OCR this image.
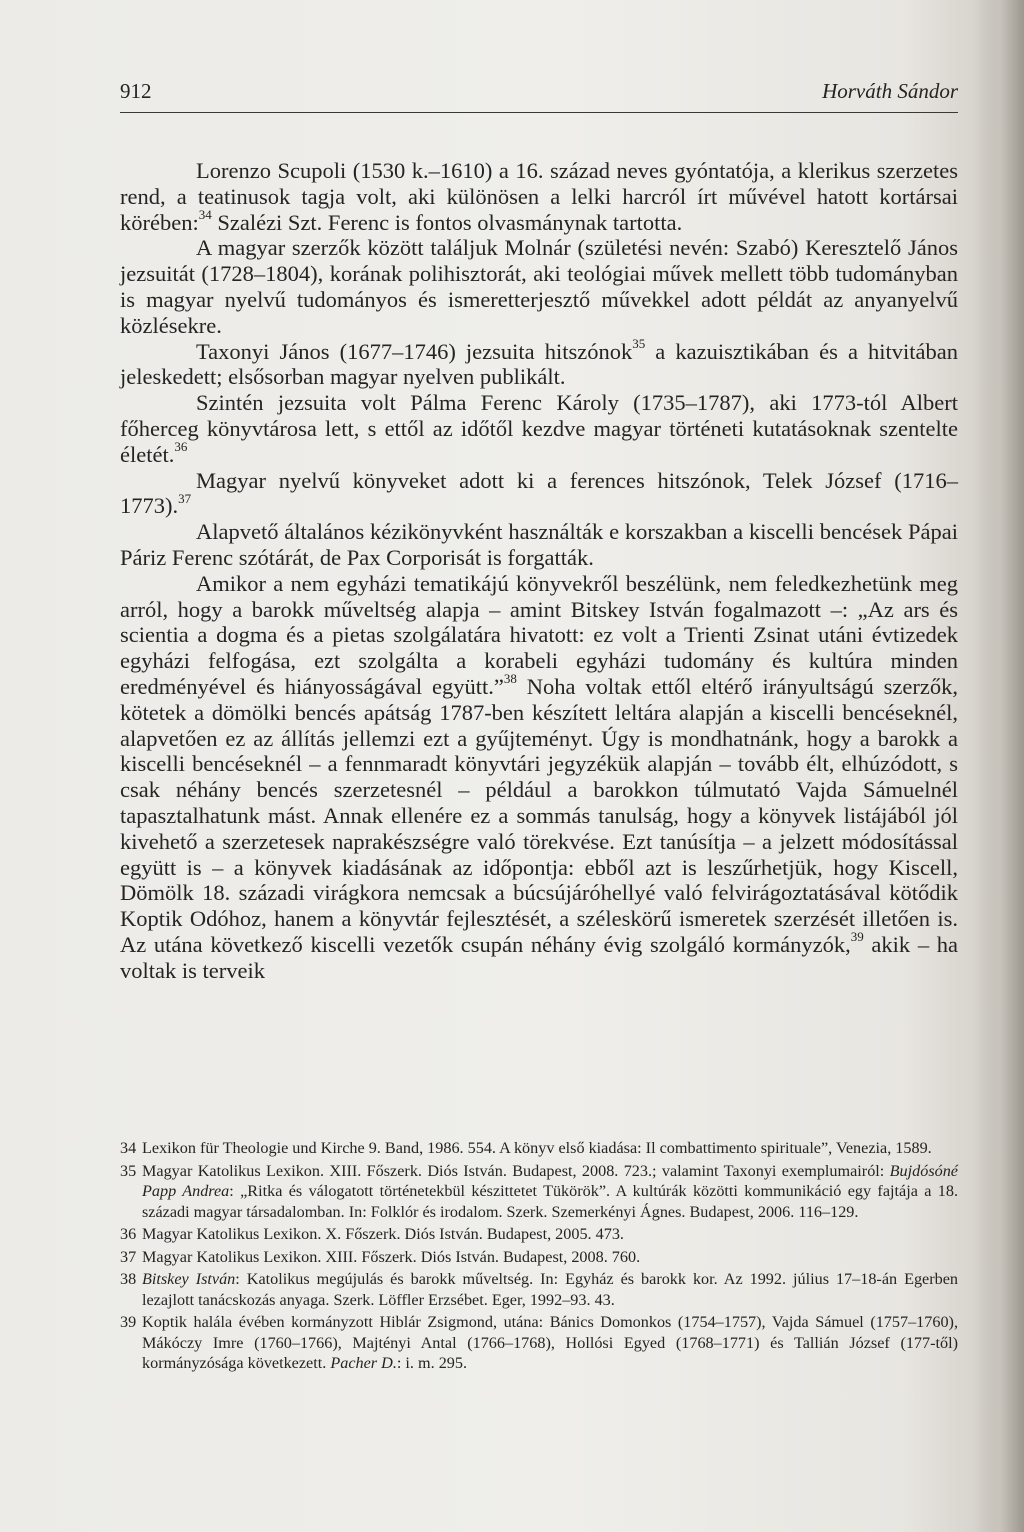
912	Horváth Sándor

Lorenzo Scupoli (1530 k.–1610) a 16. század neves gyóntatója, a klerikus szerzetes rend, a teatinusok tagja volt, aki különösen a lelki harcról írt művével hatott kortársai körében:$^{34}$ Szalézi Szt. Ferenc is fontos olvasmánynak tartotta.

A magyar szerzők között találjuk Molnár (születési nevén: Szabó) Keresztelő János jezsuitát (1728–1804), korának polihisztorát, aki teológiai művek mellett több tudományban is magyar nyelvű tudományos és ismeretterjesztő művekkel adott példát az anyanyelvű közlésekre.

Taxonyi János (1677–1746) jezsuita hitszónok$^{35}$ a kazuisztikában és a hitvitában jeleskedett; elsősorban magyar nyelven publikált.

Szintén jezsuita volt Pálma Ferenc Károly (1735–1787), aki 1773-tól Albert főherceg könyvtárosa lett, s ettől az időtől kezdve magyar történeti kutatásoknak szentelte életét.$^{36}$

Magyar nyelvű könyveket adott ki a ferences hitszónok, Telek József (1716–1773).$^{37}$

Alapvető általános kézikönyvként használták e korszakban a kiscelli bencések Pápai Páriz Ferenc szótárát, de Pax Corporisát is forgatták.

Amikor a nem egyházi tematikájú könyvekről beszélünk, nem feledkezhetünk meg arról, hogy a barokk műveltség alapja – amint Bitskey István fogalmazott –: „Az ars és scientia a dogma és a pietas szolgálatára hivatott: ez volt a Trienti Zsinat utáni évtizedek egyházi felfogása, ezt szolgálta a korabeli egyházi tudomány és kultúra minden eredményével és hiányosságával együtt.”$^{38}$ Noha voltak ettől eltérő irányultságú szerzők, kötetek a dömölki bencés apátság 1787-ben készített leltára alapján a kiscelli bencéseknél, alapvetően ez az állítás jellemzi ezt a gyűjteményt. Úgy is mondhatnánk, hogy a barokk a kiscelli bencéseknél – a fennmaradt könyvtári jegyzékük alapján – tovább élt, elhúzódott, s csak néhány bencés szerzetesnél – például a barokkon túlmutató Vajda Sámuelnél tapasztalhatunk mást. Annak ellenére ez a sommás tanulság, hogy a könyvek listájából jól kivehető a szerzetesek naprakészségre való törekvése. Ezt tanúsítja – a jelzett módosítással együtt is – a könyvek kiadásának az időpontja: ebből azt is leszűrhetjük, hogy Kiscell, Dömölk 18. századi virágkora nemcsak a búcsújáróhellyé való felvirágoztatásával kötődik Koptik Odóhoz, hanem a könyvtár fejlesztését, a széleskörű ismeretek szerzését illetően is. Az utána következő kiscelli vezetők csupán néhány évig szolgáló kormányzók,$^{39}$ akik – ha voltak is terveik

34 Lexikon für Theologie und Kirche 9. Band, 1986. 554. A könyv első kiadása: Il combattimento spirituale”, Venezia, 1589.
35 Magyar Katolikus Lexikon. XIII. Főszerk. Diós István. Budapest, 2008. 723.; valamint Taxonyi exemplumairól: Bujdósóné Papp Andrea: „Ritka és válogatott történetekbül készittetet Tükörök”. A kultúrák közötti kommunikáció egy fajtája a 18. századi magyar társadalomban. In: Folklór és irodalom. Szerk. Szemerkényi Ágnes. Budapest, 2006. 116–129.
36 Magyar Katolikus Lexikon. X. Főszerk. Diós István. Budapest, 2005. 473.
37 Magyar Katolikus Lexikon. XIII. Főszerk. Diós István. Budapest, 2008. 760.
38 Bitskey István: Katolikus megújulás és barokk műveltség. In: Egyház és barokk kor. Az 1992. július 17–18-án Egerben lezajlott tanácskozás anyaga. Szerk. Löffler Erzsébet. Eger, 1992–93. 43.
39 Koptik halála évében kormányzott Hiblár Zsigmond, utána: Bánics Domonkos (1754–1757), Vajda Sámuel (1757–1760), Mákóczy Imre (1760–1766), Majtényi Antal (1766–1768), Hollósi Egyed (1768–1771) és Tallián József (177-től) kormányzósága következett. Pacher D.: i. m. 295.
